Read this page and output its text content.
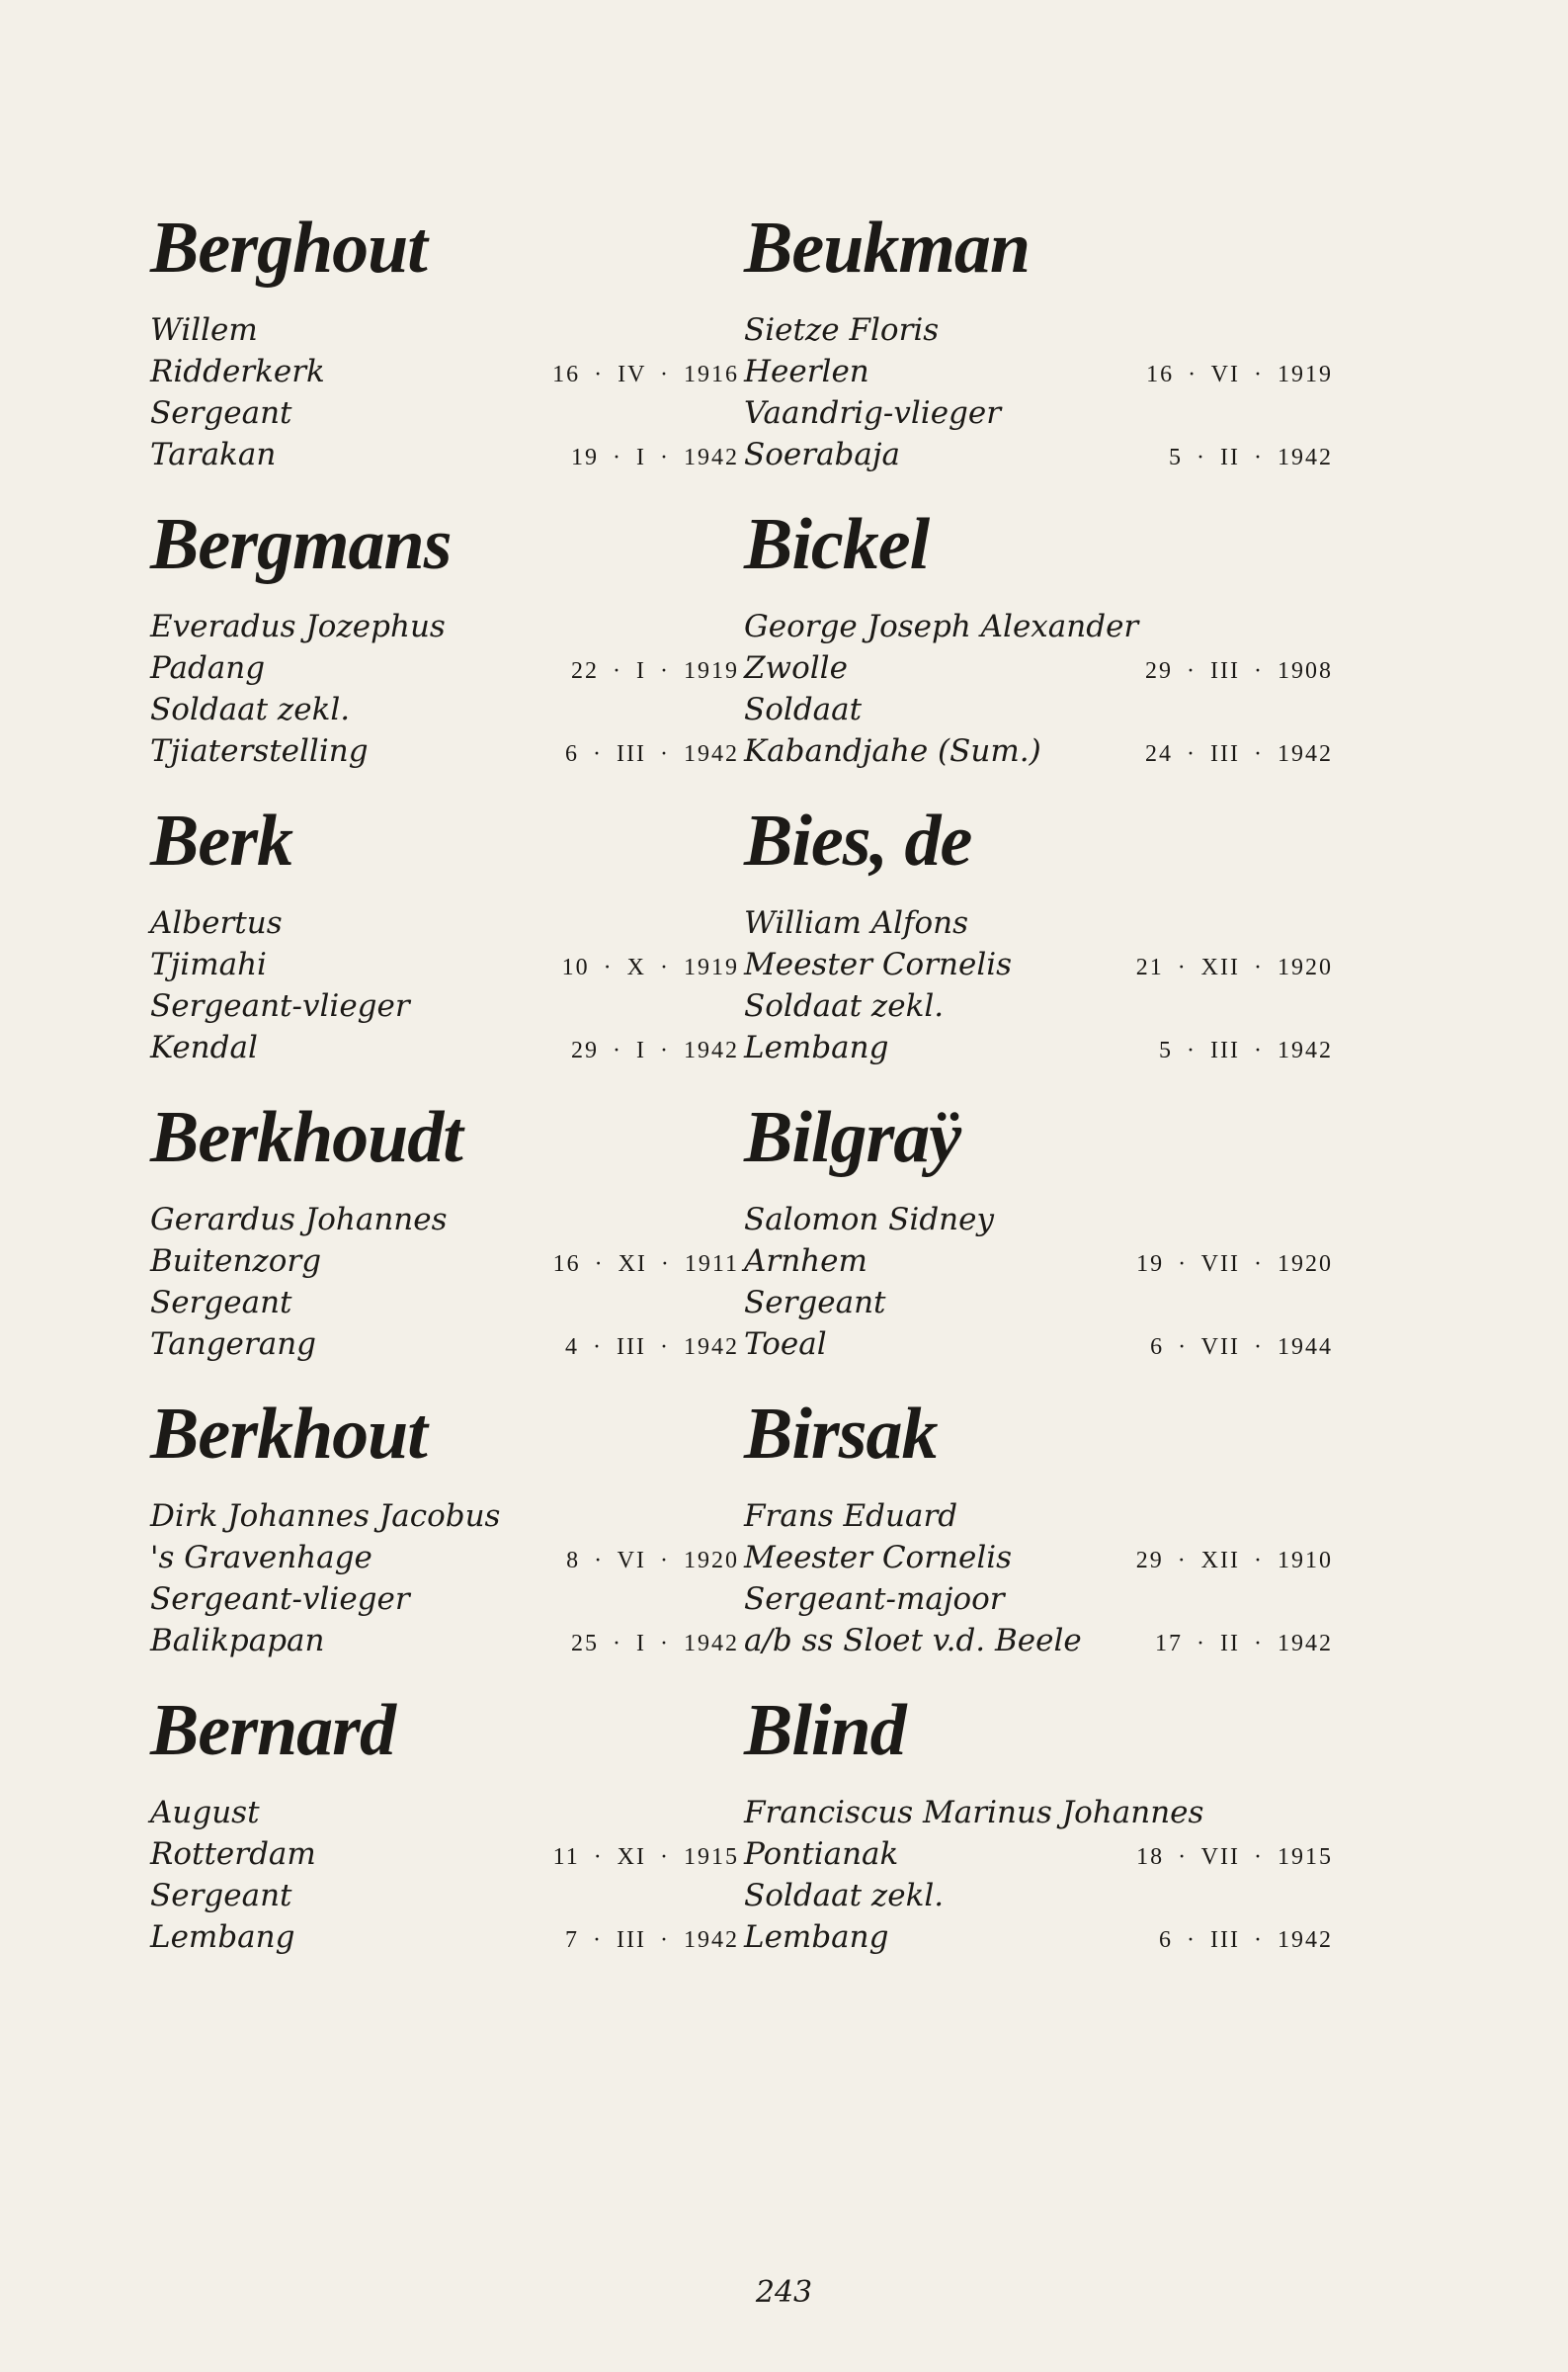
Berghout
Willem
Ridderkerk	16 · IV · 1916
Sergeant
Tarakan	19 · I · 1942
Bergmans
Everadus Jozephus
Padang	22 · I · 1919
Soldaat zekl.
Tjiaterstelling	6 · III · 1942
Berk
Albertus
Tjimahi	10 · X · 1919
Sergeant-vlieger
Kendal	29 · I · 1942
Berkhoudt
Gerardus Johannes
Buitenzorg	16 · XI · 1911
Sergeant
Tangerang	4 · III · 1942
Berkhout
Dirk Johannes Jacobus
's Gravenhage	8 · VI · 1920
Sergeant-vlieger
Balikpapan	25 · I · 1942
Bernard
August
Rotterdam	11 · XI · 1915
Sergeant
Lembang	7 · III · 1942
Beukman
Sietze Floris
Heerlen	16 · VI · 1919
Vaandrig-vlieger
Soerabaja	5 · II · 1942
Bickel
George Joseph Alexander
Zwolle	29 · III · 1908
Soldaat
Kabandjahe (Sum.)	24 · III · 1942
Bies, de
William Alfons
Meester Cornelis	21 · XII · 1920
Soldaat zekl.
Lembang	5 · III · 1942
Bilgraÿ
Salomon Sidney
Arnhem	19 · VII · 1920
Sergeant
Toeal	6 · VII · 1944
Birsak
Frans Eduard
Meester Cornelis	29 · XII · 1910
Sergeant-majoor
a/b ss Sloet v.d. Beele	17 · II · 1942
Blind
Franciscus Marinus Johannes
Pontianak	18 · VII · 1915
Soldaat zekl.
Lembang	6 · III · 1942
243
